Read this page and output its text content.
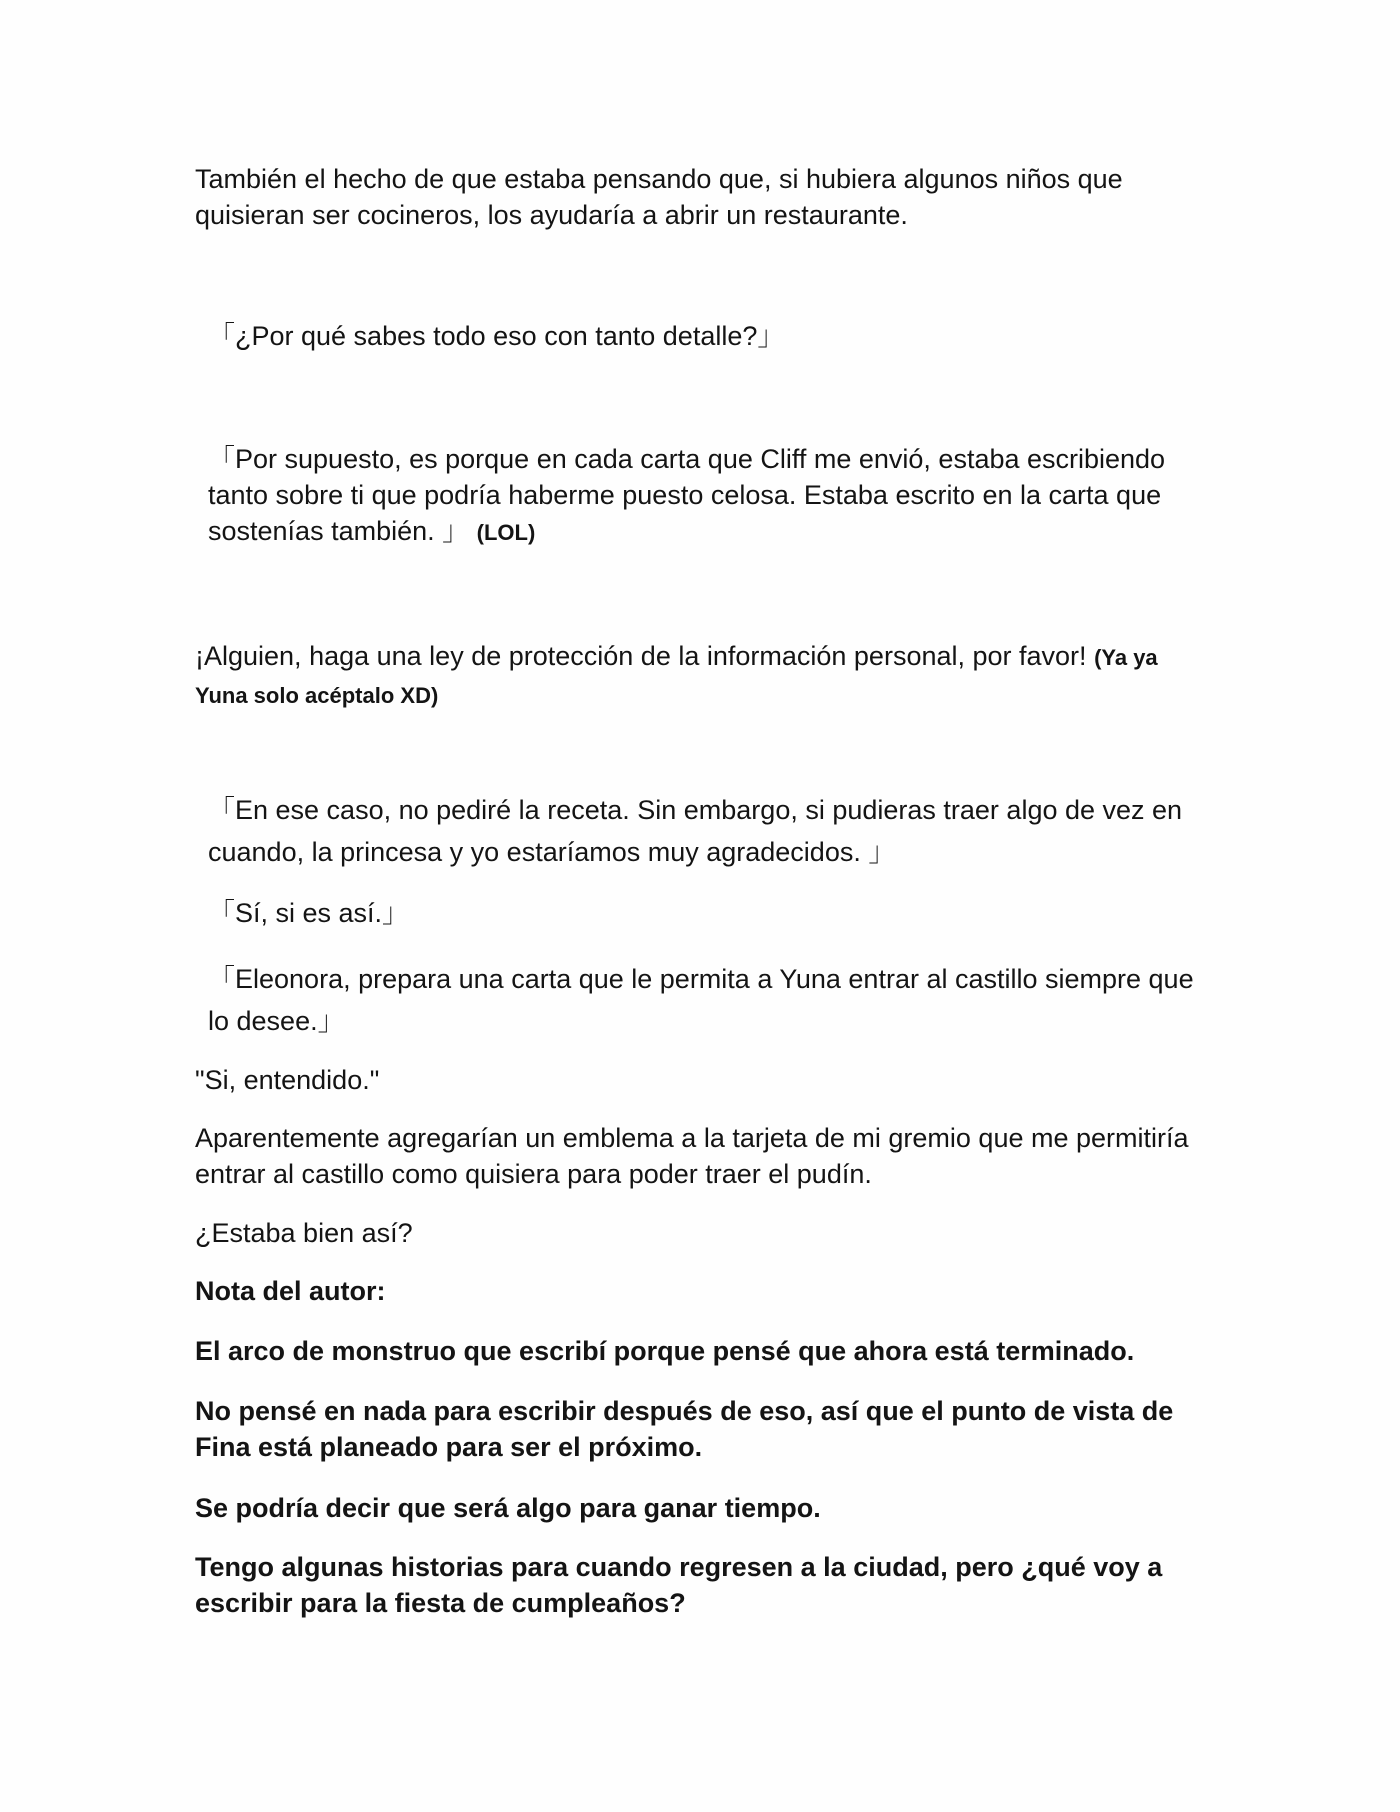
También el hecho de que estaba pensando que, si hubiera algunos niños que quisieran ser cocineros, los ayudaría a abrir un restaurante.

「¿Por qué sabes todo eso con tanto detalle?」

「Por supuesto, es porque en cada carta que Cliff me envió, estaba escribiendo tanto sobre ti que podría haberme puesto celosa. Estaba escrito en la carta que sostenías también. 」 (LOL)

¡Alguien, haga una ley de protección de la información personal, por favor! (Ya ya Yuna solo acéptalo XD)

「En ese caso, no pediré la receta. Sin embargo, si pudieras traer algo de vez en cuando, la princesa y yo estaríamos muy agradecidos. 」

「Sí, si es así.」

「Eleonora, prepara una carta que le permita a Yuna entrar al castillo siempre que lo desee.」

"Si, entendido."

Aparentemente agregarían un emblema a la tarjeta de mi gremio que me permitiría entrar al castillo como quisiera para poder traer el pudín.

¿Estaba bien así?

Nota del autor:

El arco de monstruo que escribí porque pensé que ahora está terminado.

No pensé en nada para escribir después de eso, así que el punto de vista de Fina está planeado para ser el próximo.

Se podría decir que será algo para ganar tiempo.

Tengo algunas historias para cuando regresen a la ciudad, pero ¿qué voy a escribir para la fiesta de cumpleaños?
